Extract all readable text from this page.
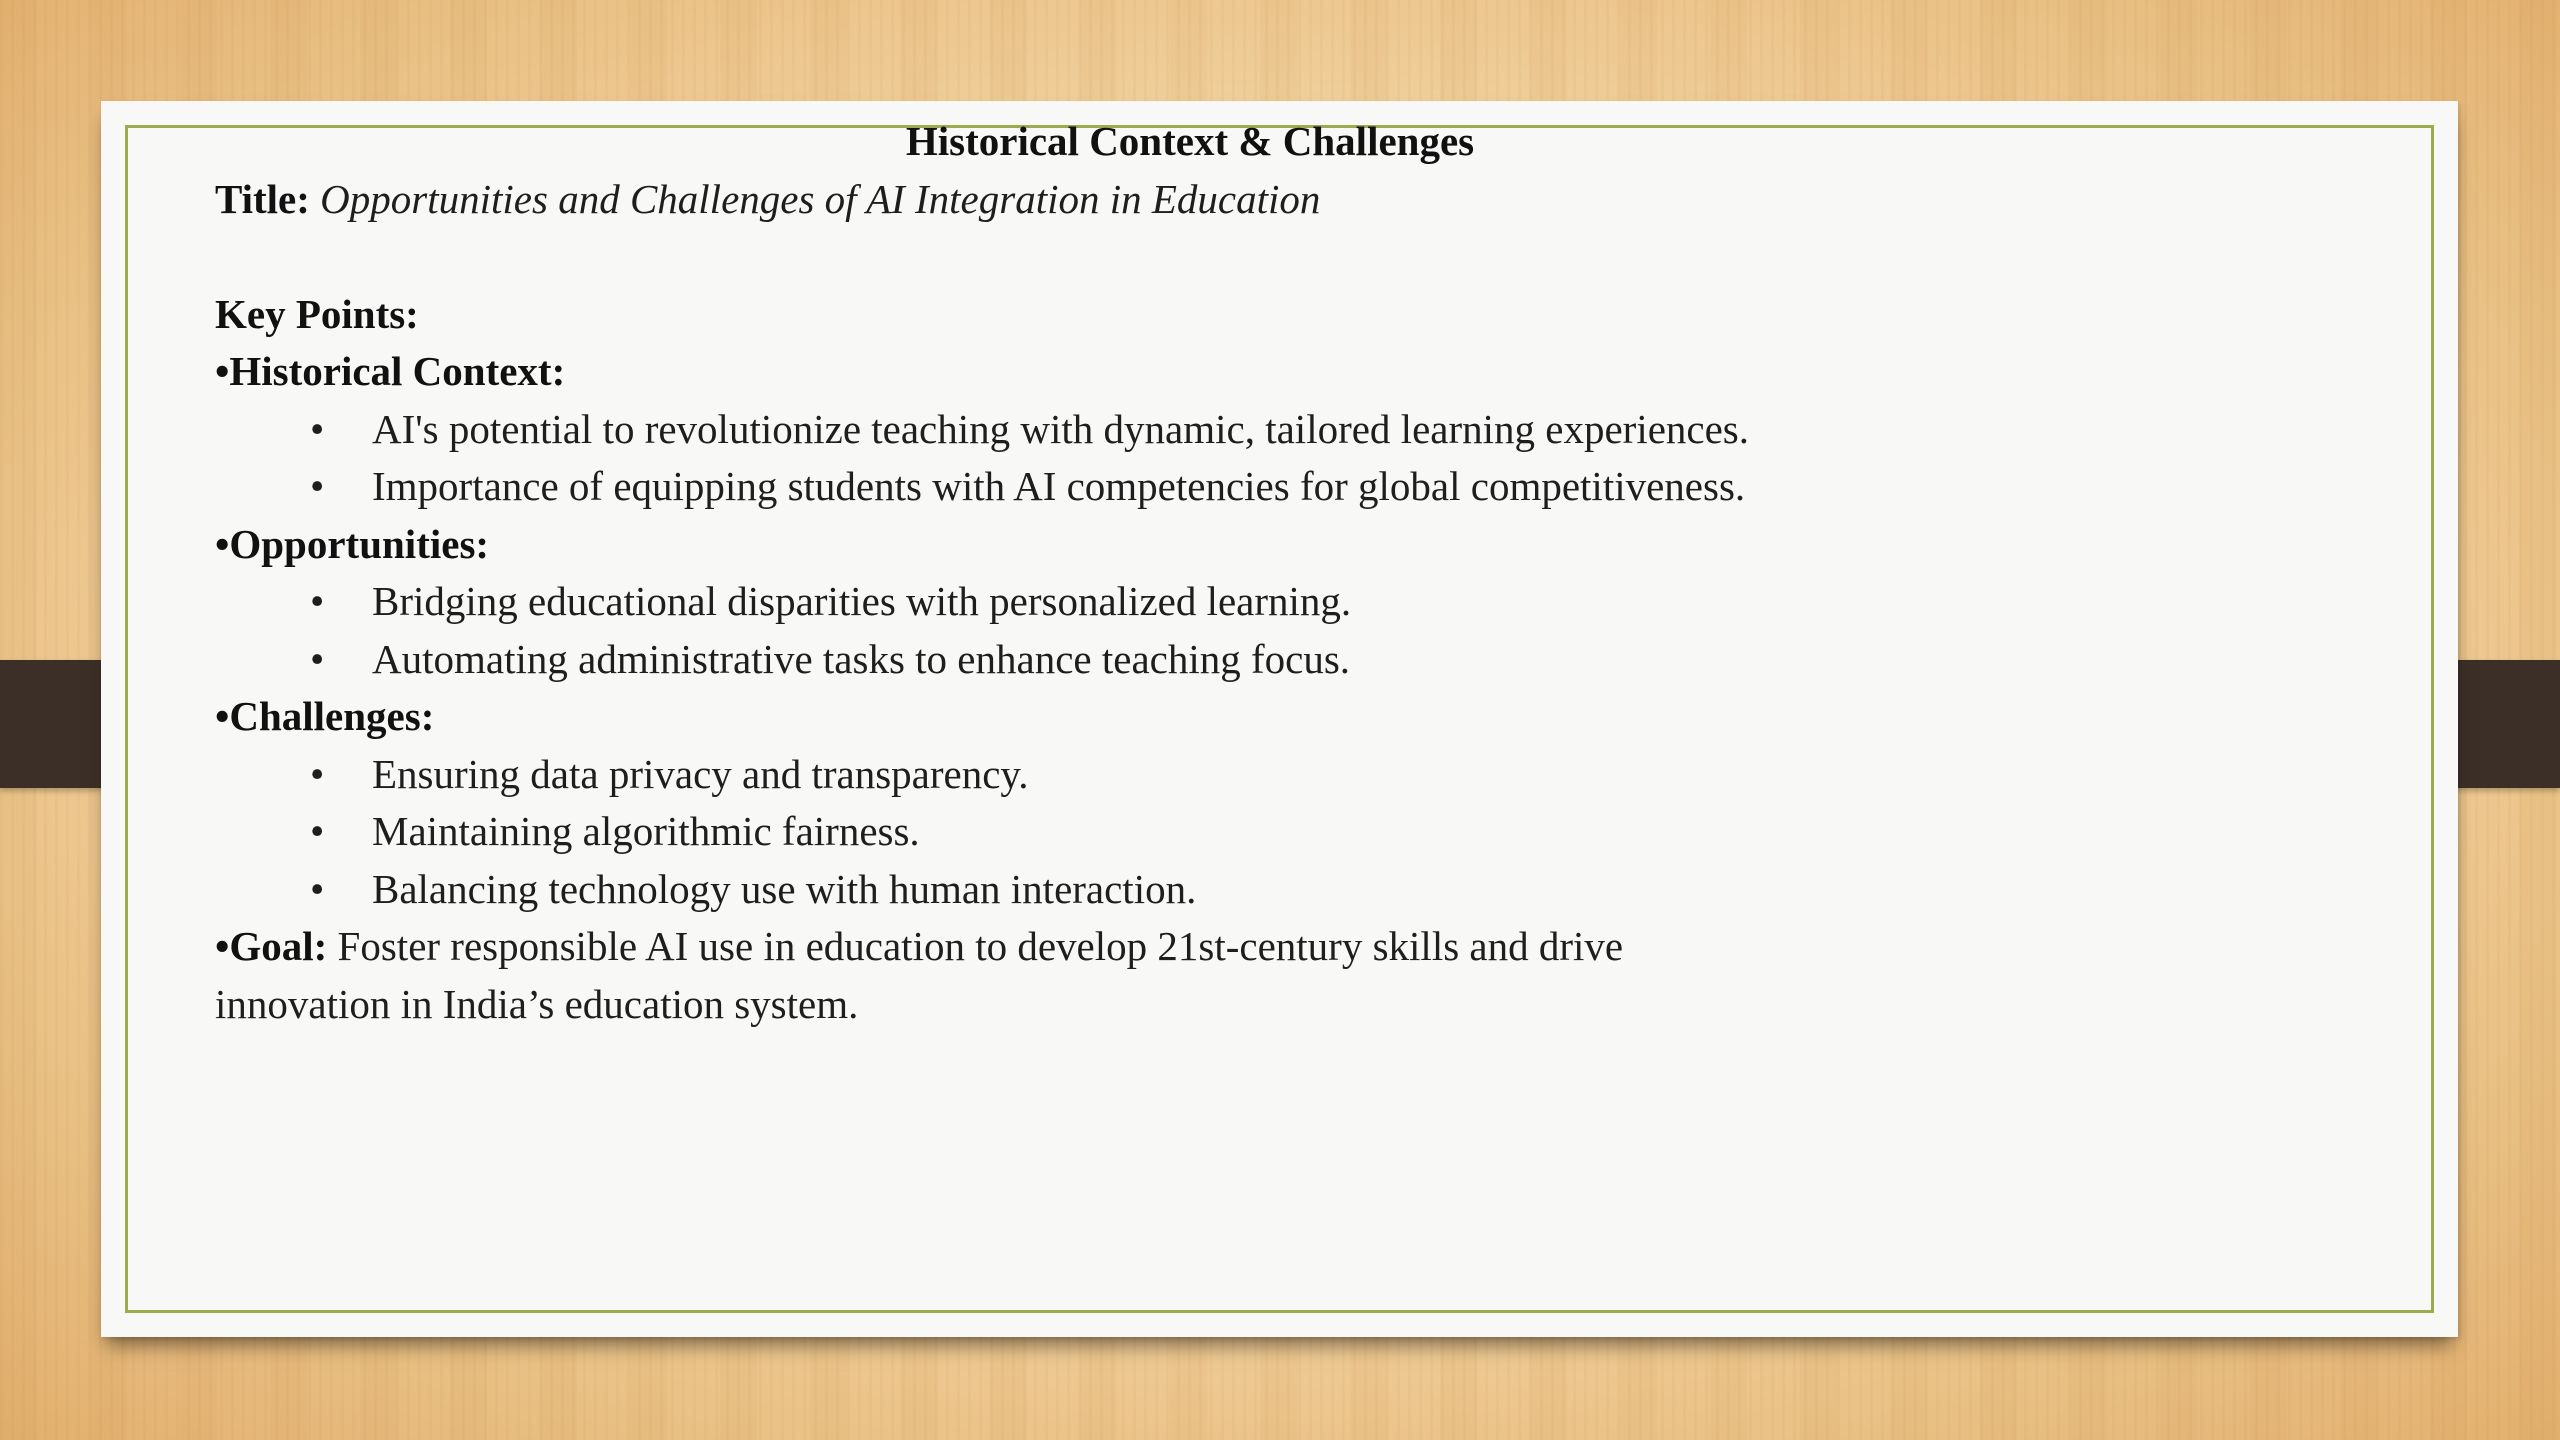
Historical Context & Challenges
Title: Opportunities and Challenges of AI Integration in Education
Key Points:
•Historical Context:
• AI's potential to revolutionize teaching with dynamic, tailored learning experiences.
• Importance of equipping students with AI competencies for global competitiveness.
•Opportunities:
• Bridging educational disparities with personalized learning.
• Automating administrative tasks to enhance teaching focus.
•Challenges:
• Ensuring data privacy and transparency.
• Maintaining algorithmic fairness.
• Balancing technology use with human interaction.
•Goal: Foster responsible AI use in education to develop 21st-century skills and drive
innovation in India’s education system.
